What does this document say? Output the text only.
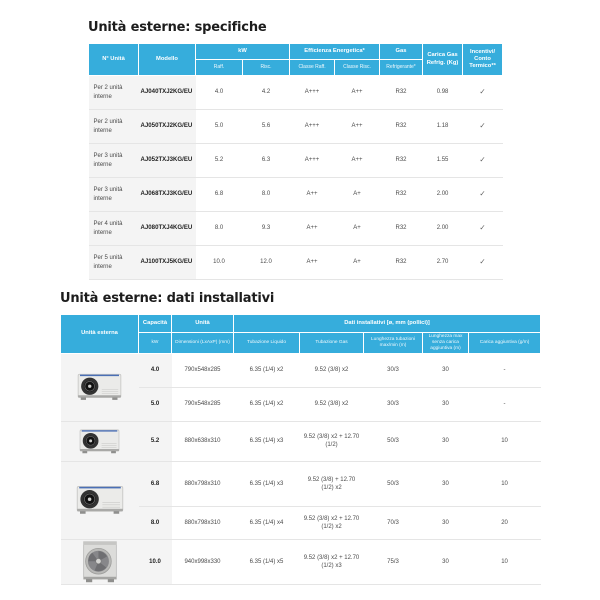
Unità esterne: specifiche
N° Unità	Modello	kW		Efficienza Energetica*		Gas	Carica Gas Refrig. (Kg)	Incentivi/ Conto Termico**
		Raff.	Risc.	Classe Raff.	Classe Risc.	Refrigerante*		
Per 2 unità interne	AJ040TXJ2KG/EU	4.0	4.2	A+++	A++	R32	0.98	✓
Per 2 unità interne	AJ050TXJ2KG/EU	5.0	5.6	A+++	A++	R32	1.18	✓
Per 3 unità interne	AJ052TXJ3KG/EU	5.2	6.3	A+++	A++	R32	1.55	✓
Per 3 unità interne	AJ068TXJ3KG/EU	6.8	8.0	A++	A+	R32	2.00	✓
Per 4 unità interne	AJ080TXJ4KG/EU	8.0	9.3	A++	A+	R32	2.00	✓
Per 5 unità interne	AJ100TXJ5KG/EU	10.0	12.0	A++	A+	R32	2.70	✓
Unità esterne: dati installativi
Unità esterna	Capacità	Unità	Dati installativi [ø, mm (pollici)]				
	kW	Dimensioni (LxAxP) (mm)	Tubazione Liquido	Tubazione Gas	Lunghezza tubazioni max/min (m)	Lunghezza max senza carica aggiuntiva (m)	Carica aggiuntiva (g/m)

	4.0	790x548x285	6.35 (1/4) x2	9.52 (3/8) x2	30/3	30	-
	5.0	790x548x285	6.35 (1/4) x2	9.52 (3/8) x2	30/3	30	-

	5.2	880x638x310	6.35 (1/4) x3	9.52 (3/8) x2 + 12.70 (1/2)	50/3	30	10

	6.8	880x798x310	6.35 (1/4) x3	9.52 (3/8) + 12.70 (1/2) x2	50/3	30	10
	8.0	880x798x310	6.35 (1/4) x4	9.52 (3/8) x2 + 12.70 (1/2) x2	70/3	30	20

	10.0	940x998x330	6.35 (1/4) x5	9.52 (3/8) x2 + 12.70 (1/2) x3	75/3	30	10
